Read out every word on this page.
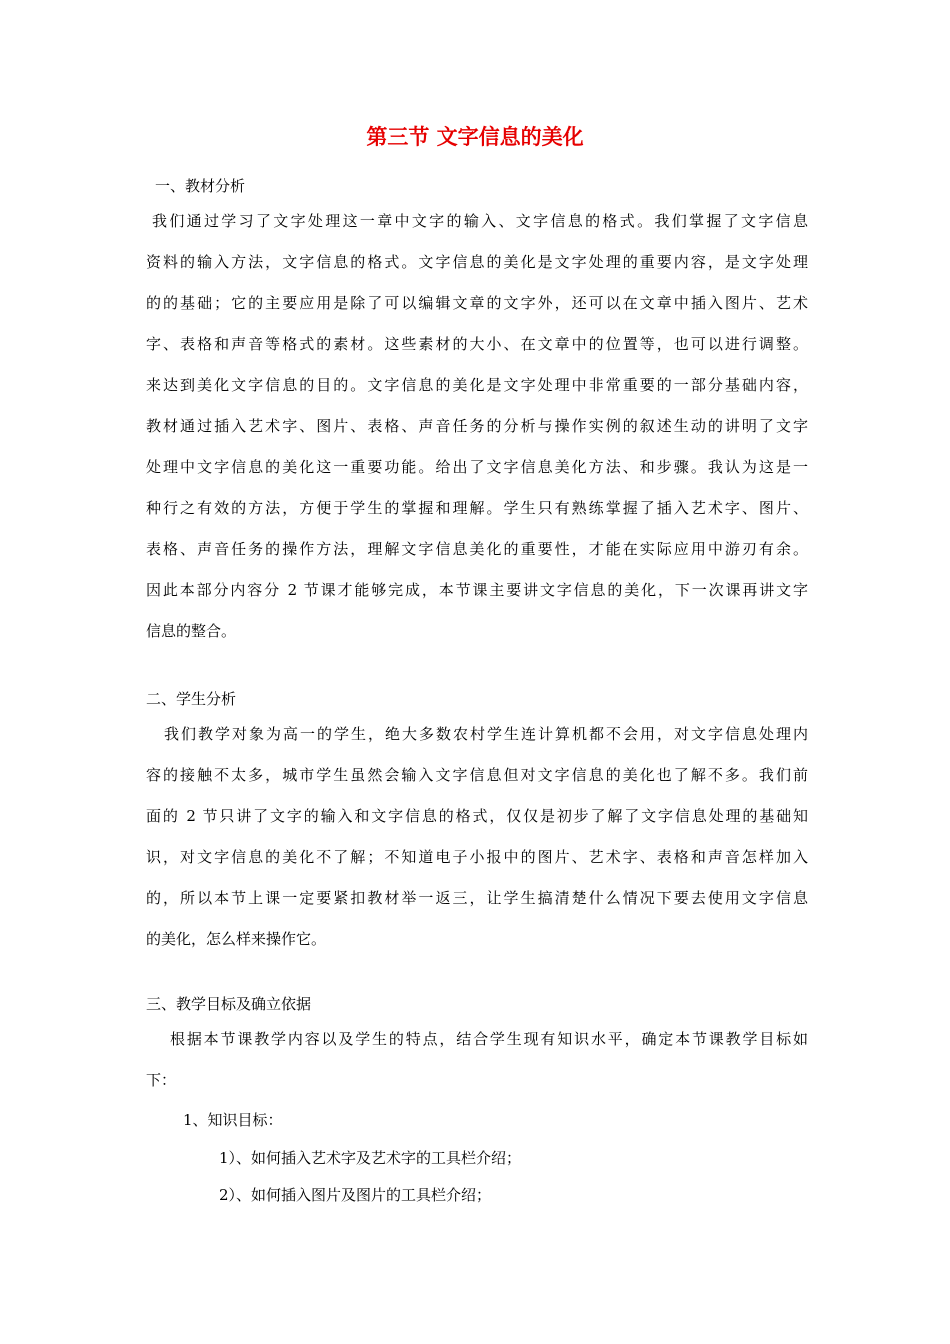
第三节 文字信息的美化
一、教材分析
我们通过学习了文字处理这一章中文字的输入、文字信息的格式。我们掌握了文字信息
资料的输入方法，文字信息的格式。文字信息的美化是文字处理的重要内容，是文字处理
的的基础；它的主要应用是除了可以编辑文章的文字外，还可以在文章中插入图片、艺术
字、表格和声音等格式的素材。这些素材的大小、在文章中的位置等，也可以进行调整。
来达到美化文字信息的目的。文字信息的美化是文字处理中非常重要的一部分基础内容，
教材通过插入艺术字、图片、表格、声音任务的分析与操作实例的叙述生动的讲明了文字
处理中文字信息的美化这一重要功能。给出了文字信息美化方法、和步骤。我认为这是一
种行之有效的方法，方便于学生的掌握和理解。学生只有熟练掌握了插入艺术字、图片、
表格、声音任务的操作方法，理解文字信息美化的重要性，才能在实际应用中游刃有余。
因此本部分内容分 2 节课才能够完成，本节课主要讲文字信息的美化，下一次课再讲文字
信息的整合。
二、学生分析
我们教学对象为高一的学生，绝大多数农村学生连计算机都不会用，对文字信息处理内
容的接触不太多，城市学生虽然会输入文字信息但对文字信息的美化也了解不多。我们前
面的 2 节只讲了文字的输入和文字信息的格式，仅仅是初步了解了文字信息处理的基础知
识，对文字信息的美化不了解；不知道电子小报中的图片、艺术字、表格和声音怎样加入
的，所以本节上课一定要紧扣教材举一返三，让学生搞清楚什么情况下要去使用文字信息
的美化，怎么样来操作它。
三、教学目标及确立依据
根据本节课教学内容以及学生的特点，结合学生现有知识水平，确定本节课教学目标如
下：
1、知识目标：
1）、如何插入艺术字及艺术字的工具栏介绍；
2）、如何插入图片及图片的工具栏介绍；
